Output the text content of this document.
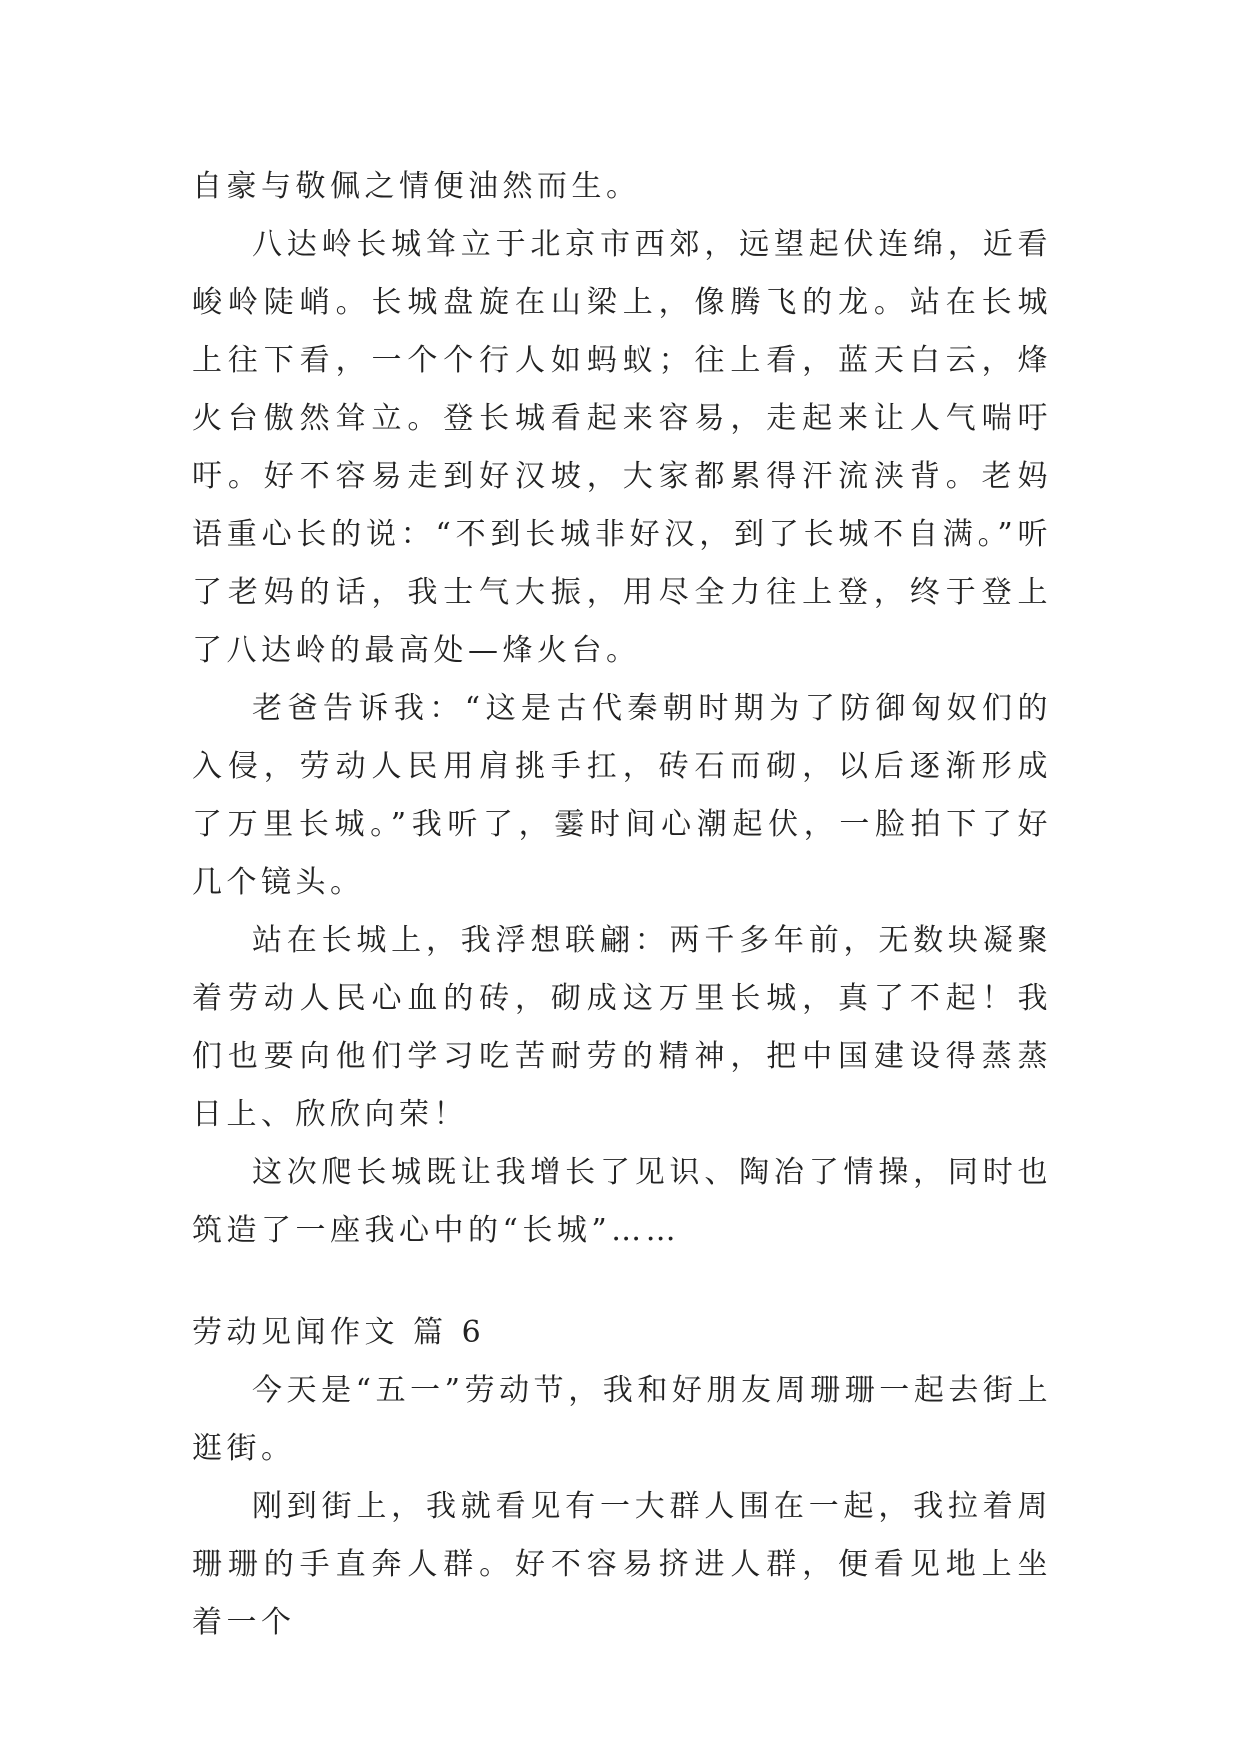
自豪与敬佩之情便油然而生。

八达岭长城耸立于北京市西郊，远望起伏连绵，近看峻岭陡峭。长城盘旋在山梁上，像腾飞的龙。站在长城上往下看，一个个行人如蚂蚁；往上看，蓝天白云，烽火台傲然耸立。登长城看起来容易，走起来让人气喘吁吁。好不容易走到好汉坡，大家都累得汗流浃背。老妈语重心长的说：“不到长城非好汉，到了长城不自满。”听了老妈的话，我士气大振，用尽全力往上登，终于登上了八达岭的最高处—烽火台。

老爸告诉我：“这是古代秦朝时期为了防御匈奴们的入侵，劳动人民用肩挑手扛，砖石而砌，以后逐渐形成了万里长城。”我听了，霎时间心潮起伏，一脸拍下了好几个镜头。

站在长城上，我浮想联翩：两千多年前，无数块凝聚着劳动人民心血的砖，砌成这万里长城，真了不起！我们也要向他们学习吃苦耐劳的精神，把中国建设得蒸蒸日上、欣欣向荣！

这次爬长城既让我增长了见识、陶冶了情操，同时也筑造了一座我心中的“长城”……

劳动见闻作文 篇 6

今天是“五一”劳动节，我和好朋友周珊珊一起去街上逛街。

刚到街上，我就看见有一大群人围在一起，我拉着周珊珊的手直奔人群。好不容易挤进人群，便看见地上坐着一个
